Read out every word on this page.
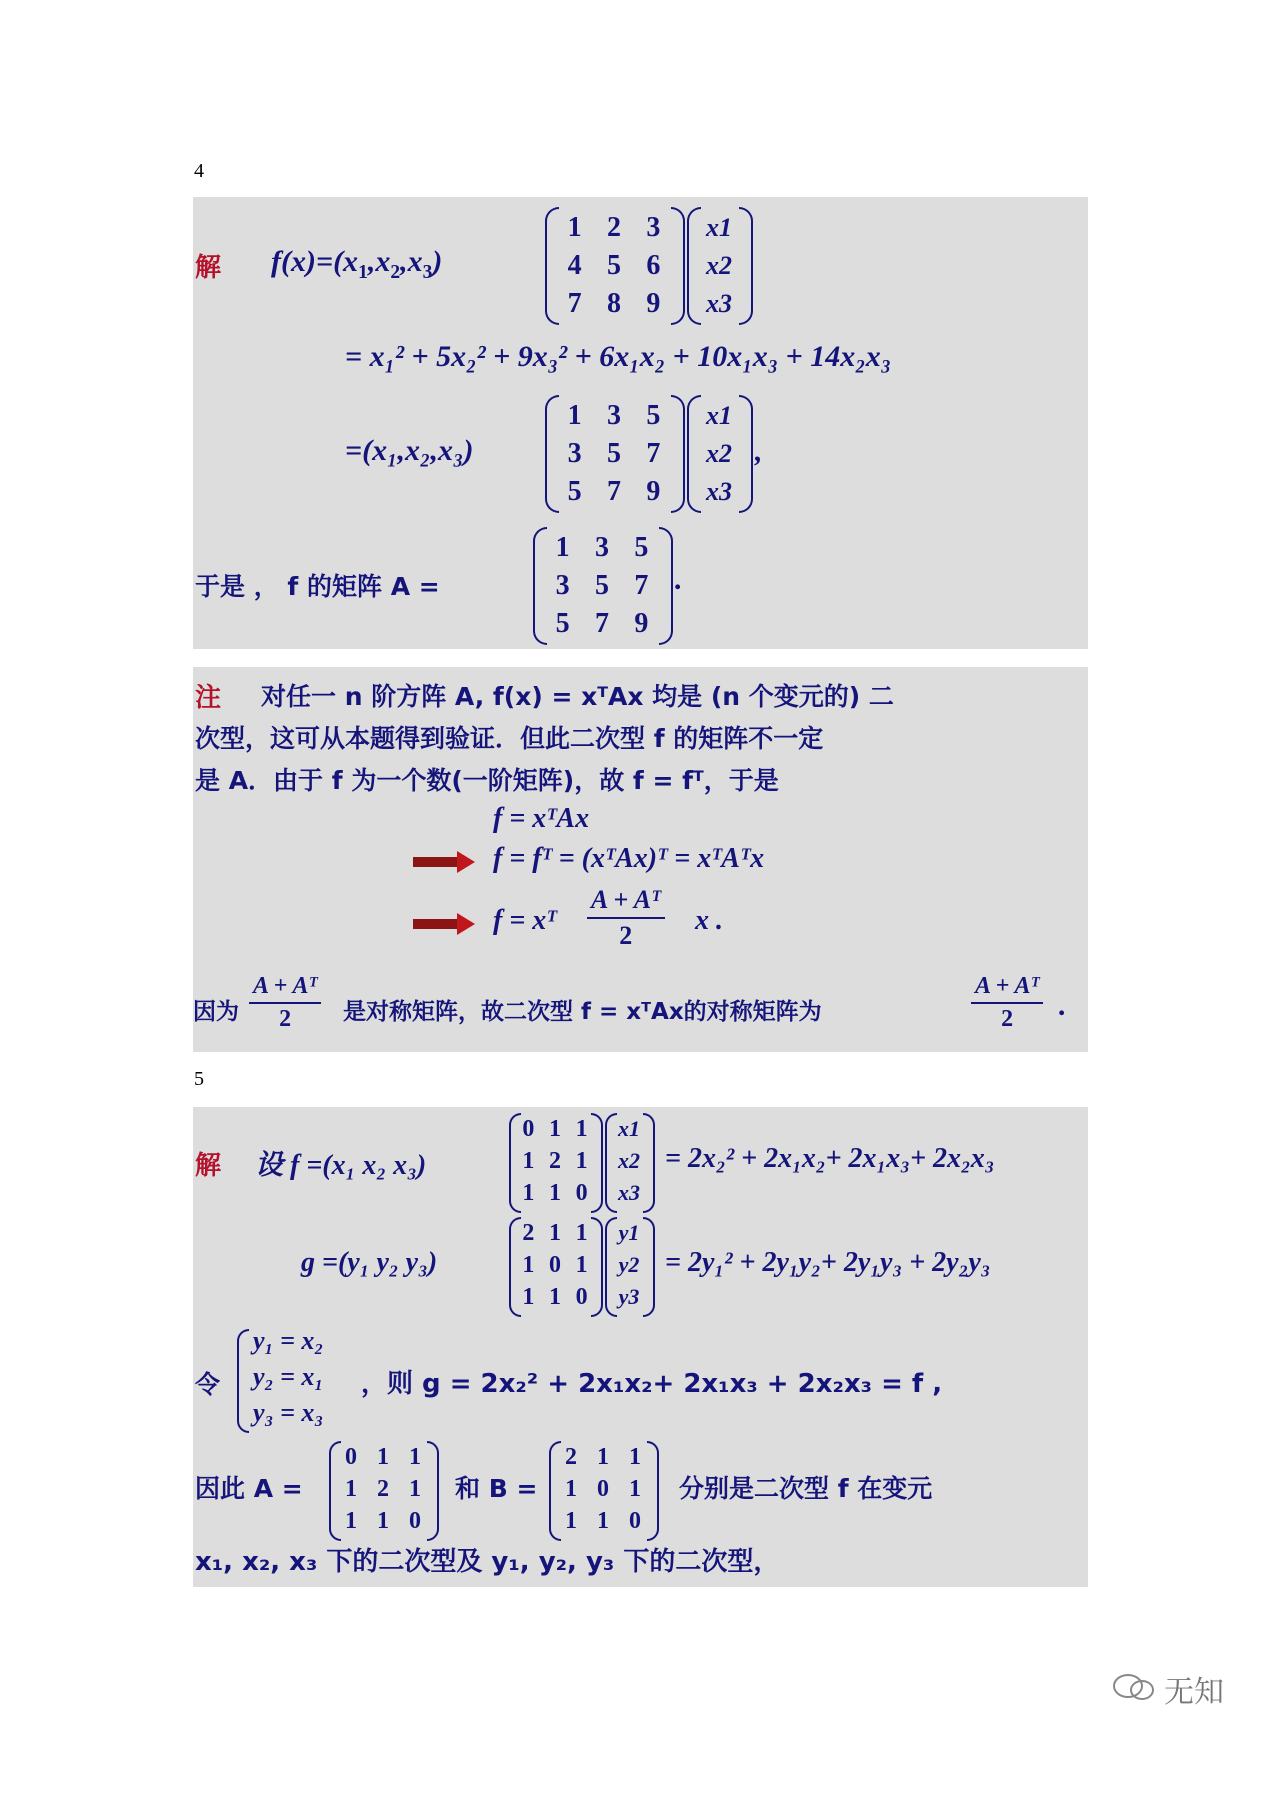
4
5
解 $f(x)=(x_1,x_2,x_3)$
1 2 3
4 5 6
7 8 9
x1
x2
x3
= x₁² + 5x₂² + 9x₃² + 6x₁x₂ + 10x₁x₃ + 14x₂x₃
=(x₁,x₂,x₃)
1 3 5
3 5 7
5 7 9
x1
x2
x3
,
于是 ， f 的矩阵 A =
1 3 5
3 5 7
5 7 9
.
注 对任一 n 阶方阵 A, f(x) = xᵀAx 均是 (n 个变元的) 二
次型，这可从本题得到验证．但此二次型 f 的矩阵不一定
是 A．由于 f 为一个数(一阶矩阵)，故 f = fᵀ，于是
f = xᵀAx
f = fᵀ = (xᵀAx)ᵀ = xᵀAᵀx
f = xᵀ $\frac{\text{A + Aᵀ}}{2}$ x .
因为 $\frac{\text{A + Aᵀ}}{2}$ 是对称矩阵，故二次型 f = xᵀAx的对称矩阵为	$\frac{\text{A + Aᵀ}}{2}$ .
解 设 f =(x₁ x₂ x₃)
0 1 1
1 2 1
1 1 0
x1
x2
x3
= 2x₂² + 2x₁x₂+ 2x₁x₃+ 2x₂x₃
g =(y₁ y₂ y₃)
2 1 1
1 0 1
1 1 0
y1
y2
y3
= 2y₁² + 2y₁y₂+ 2y₁y₃ + 2y₂y₃
令
y₁ = x₂
y₂ = x₁
y₃ = x₃
，则 g = 2x₂² + 2x₁x₂+ 2x₁x₃ + 2x₂x₃ = f ,
因此 A =
0 1 1
1 2 1
1 1 0
和 B =
2 1 1
1 0 1
1 1 0
分别是二次型 f 在变元
x₁, x₂, x₃ 下的二次型及 y₁, y₂, y₃ 下的二次型，
无知
